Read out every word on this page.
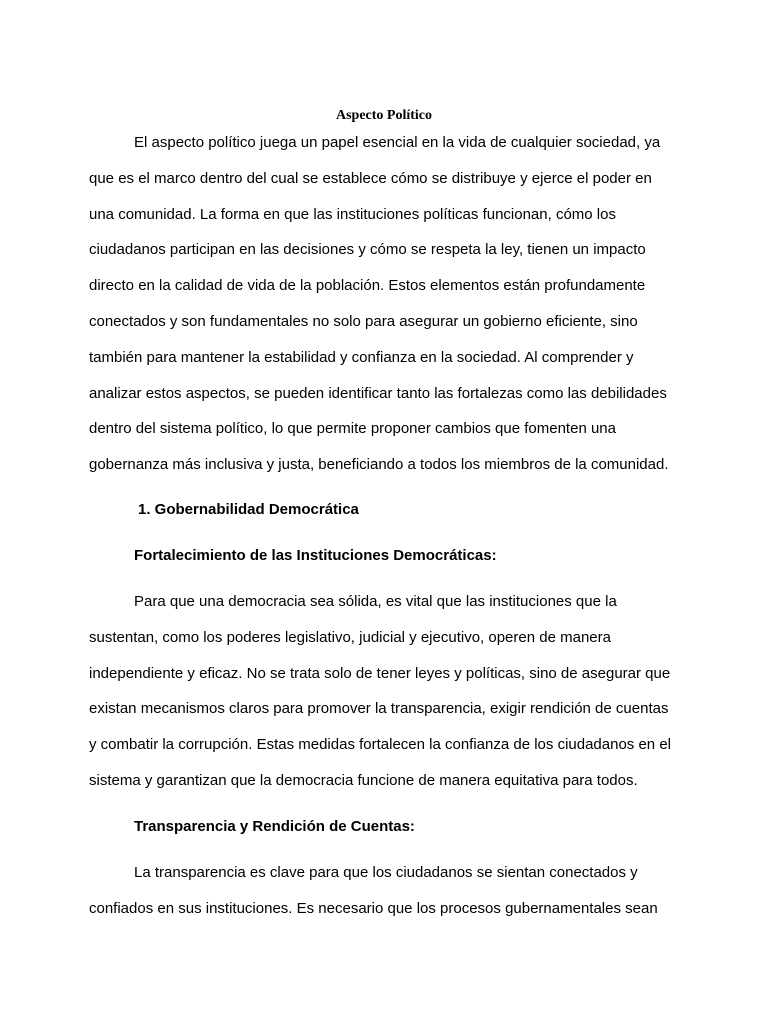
Aspecto Político
El aspecto político juega un papel esencial en la vida de cualquier sociedad, ya
que es el marco dentro del cual se establece cómo se distribuye y ejerce el poder en
una comunidad. La forma en que las instituciones políticas funcionan, cómo los
ciudadanos participan en las decisiones y cómo se respeta la ley, tienen un impacto
directo en la calidad de vida de la población. Estos elementos están profundamente
conectados y son fundamentales no solo para asegurar un gobierno eficiente, sino
también para mantener la estabilidad y confianza en la sociedad. Al comprender y
analizar estos aspectos, se pueden identificar tanto las fortalezas como las debilidades
dentro del sistema político, lo que permite proponer cambios que fomenten una
gobernanza más inclusiva y justa, beneficiando a todos los miembros de la comunidad.
1. Gobernabilidad Democrática
Fortalecimiento de las Instituciones Democráticas:
Para que una democracia sea sólida, es vital que las instituciones que la
sustentan, como los poderes legislativo, judicial y ejecutivo, operen de manera
independiente y eficaz. No se trata solo de tener leyes y políticas, sino de asegurar que
existan mecanismos claros para promover la transparencia, exigir rendición de cuentas
y combatir la corrupción. Estas medidas fortalecen la confianza de los ciudadanos en el
sistema y garantizan que la democracia funcione de manera equitativa para todos.
Transparencia y Rendición de Cuentas:
La transparencia es clave para que los ciudadanos se sientan conectados y
confiados en sus instituciones. Es necesario que los procesos gubernamentales sean
